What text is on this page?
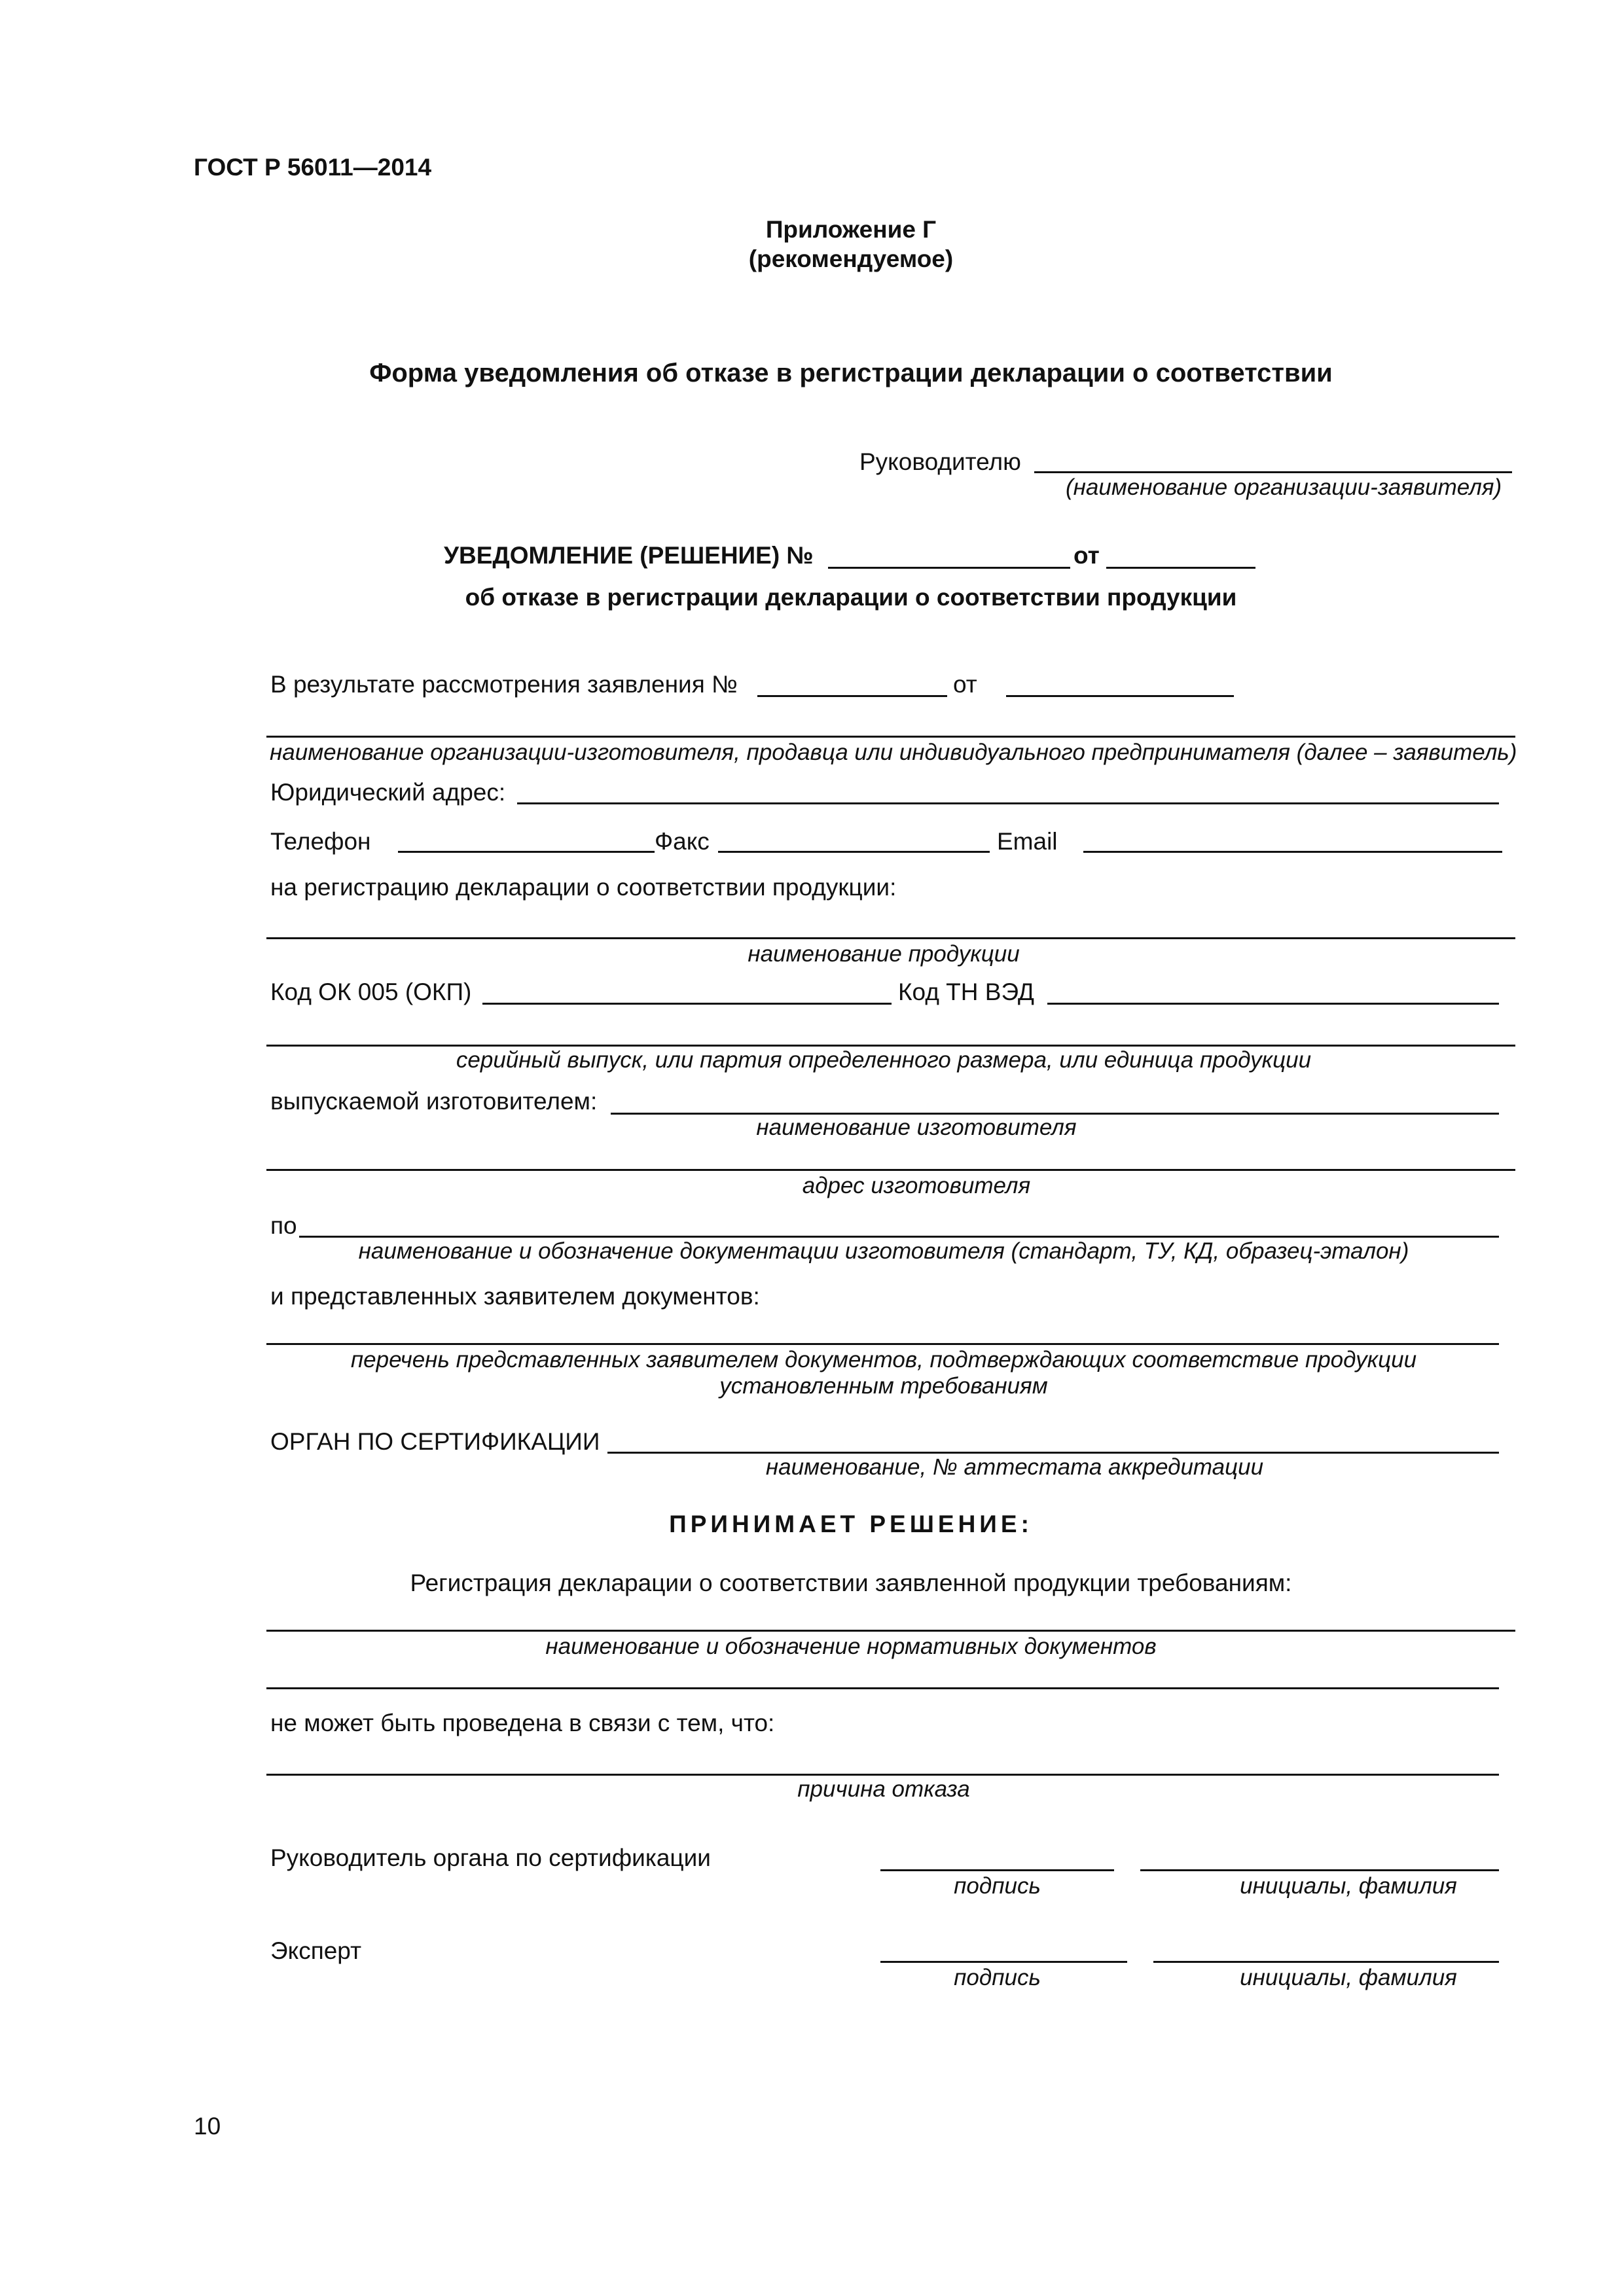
ГОСТ Р 56011—2014
Приложение Г
(рекомендуемое)
Форма уведомления об отказе в регистрации декларации о соответствии
Руководителю
(наименование организации-заявителя)
УВЕДОМЛЕНИЕ (РЕШЕНИЕ) №	от
об отказе в регистрации декларации о соответствии продукции
В результате рассмотрения заявления №	от
наименование организации-изготовителя, продавца или индивидуального предпринимателя (далее – заявитель)
Юридический адрес:
Телефон	Факс	Email
на регистрацию декларации о соответствии продукции:
наименование продукции
Код ОК 005 (ОКП)	Код ТН ВЭД
серийный выпуск, или партия определенного размера, или единица продукции
выпускаемой изготовителем:
наименование изготовителя
адрес изготовителя
по
наименование и обозначение документации изготовителя (стандарт, ТУ, КД, образец-эталон)
и представленных заявителем документов:
перечень представленных заявителем документов, подтверждающих соответствие продукции
установленным требованиям
ОРГАН ПО СЕРТИФИКАЦИИ
наименование, № аттестата аккредитации
ПРИНИМАЕТ РЕШЕНИЕ:
Регистрация декларации о соответствии заявленной продукции требованиям:
наименование и обозначение нормативных документов
не может быть проведена в связи с тем, что:
причина отказа
Руководитель органа по сертификации
подпись	инициалы, фамилия
Эксперт
подпись	инициалы, фамилия
10
